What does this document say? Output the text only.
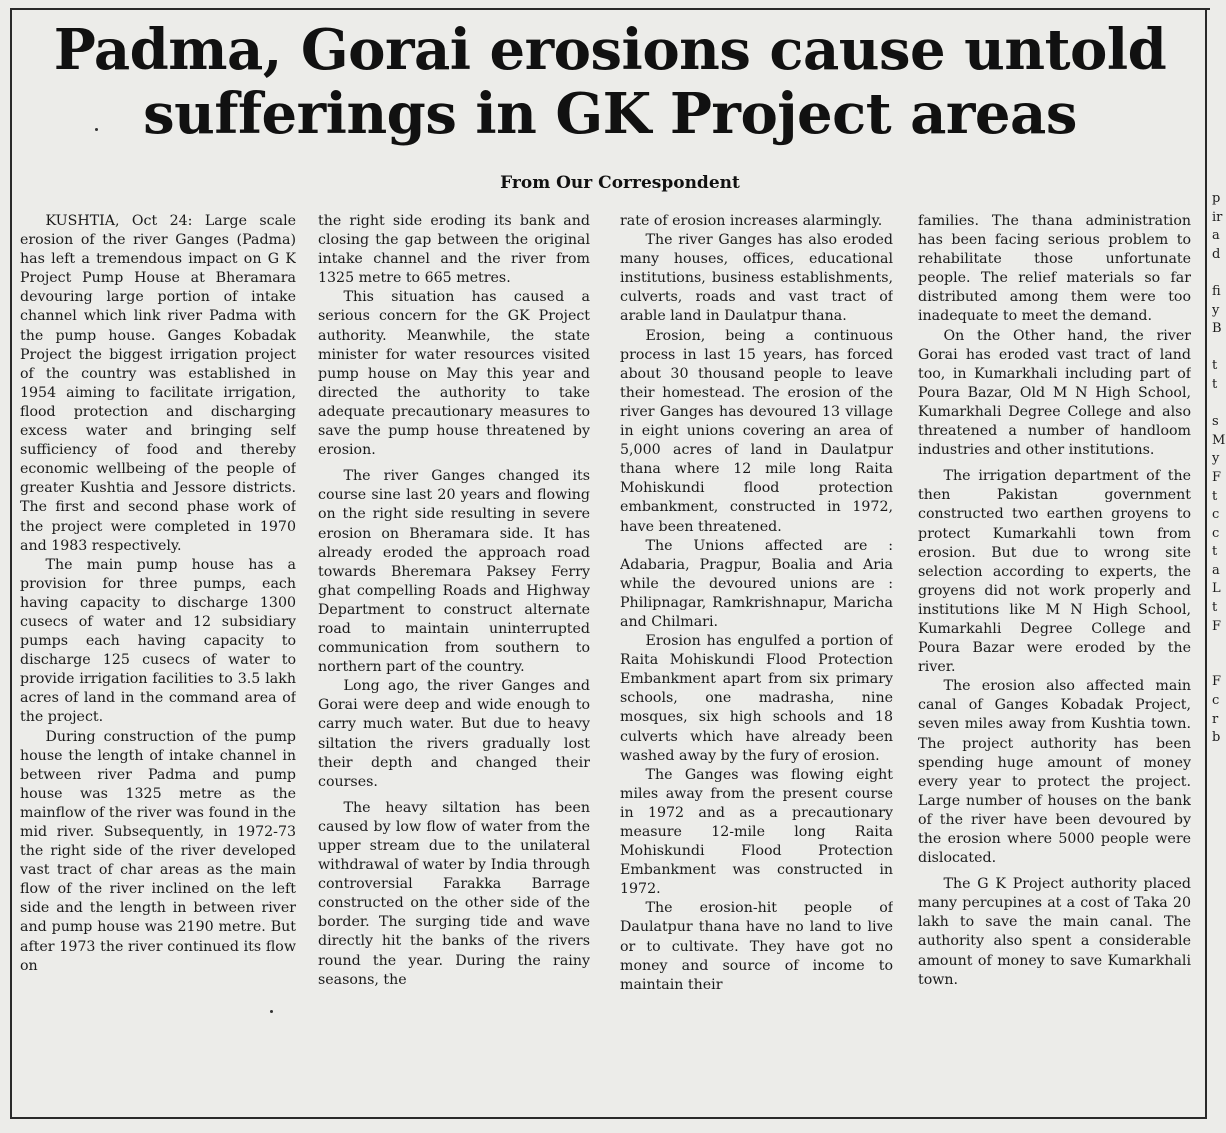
Padma, Gorai erosions cause untold sufferings in GK Project areas
From Our Correspondent

KUSHTIA, Oct 24: Large scale erosion of the river Ganges (Padma) has left a tremendous impact on G K Project Pump House at Bheramara devouring large portion of intake channel which link river Padma with the pump house. Ganges Kobadak Project the biggest irrigation project of the country was established in 1954 aiming to facilitate irrigation, flood protection and discharging excess water and bringing self sufficiency of food and thereby economic wellbeing of the people of greater Kushtia and Jessore districts. The first and second phase work of the project were completed in 1970 and 1983 respectively.

The main pump house has a provision for three pumps, each having capacity to discharge 1300 cusecs of water and 12 subsidiary pumps each having capacity to discharge 125 cusecs of water to provide irrigation facilities to 3.5 lakh acres of land in the command area of the project.

During construction of the pump house the length of intake channel in between river Padma and pump house was 1325 metre as the mainflow of the river was found in the mid river. Subsequently, in 1972-73 the right side of the river developed vast tract of char areas as the main flow of the river inclined on the left side and the length in between river and pump house was 2190 metre. But after 1973 the river continued its flow on

the right side eroding its bank and closing the gap between the original intake channel and the river from 1325 metre to 665 metres.

This situation has caused a serious concern for the GK Project authority. Meanwhile, the state minister for water resources visited pump house on May this year and directed the authority to take adequate precautionary measures to save the pump house threatened by erosion.

The river Ganges changed its course sine last 20 years and flowing on the right side resulting in severe erosion on Bheramara side. It has already eroded the approach road towards Bheremara Paksey Ferry ghat compelling Roads and Highway Department to construct alternate road to maintain uninterrupted communication from southern to northern part of the country.

Long ago, the river Ganges and Gorai were deep and wide enough to carry much water. But due to heavy siltation the rivers gradually lost their depth and changed their courses.

The heavy siltation has been caused by low flow of water from the upper stream due to the unilateral withdrawal of water by India through controversial Farakka Barrage constructed on the other side of the border. The surging tide and wave directly hit the banks of the rivers round the year. During the rainy seasons, the

rate of erosion increases alarmingly.

The river Ganges has also eroded many houses, offices, educational institutions, business establishments, culverts, roads and vast tract of arable land in Daulatpur thana.

Erosion, being a continuous process in last 15 years, has forced about 30 thousand people to leave their homestead. The erosion of the river Ganges has devoured 13 village in eight unions covering an area of 5,000 acres of land in Daulatpur thana where 12 mile long Raita Mohiskundi flood protection embankment, constructed in 1972, have been threatened.

The Unions affected are : Adabaria, Pragpur, Boalia and Aria while the devoured unions are : Philipnagar, Ramkrishnapur, Maricha and Chilmari.

Erosion has engulfed a portion of Raita Mohiskundi Flood Protection Embankment apart from six primary schools, one madrasha, nine mosques, six high schools and 18 culverts which have already been washed away by the fury of erosion.

The Ganges was flowing eight miles away from the present course in 1972 and as a precautionary measure 12-mile long Raita Mohiskundi Flood Protection Embankment was constructed in 1972.

The erosion-hit people of Daulatpur thana have no land to live or to cultivate. They have got no money and source of income to maintain their

families. The thana administration has been facing serious problem to rehabilitate those unfortunate people. The relief materials so far distributed among them were too inadequate to meet the demand.

On the Other hand, the river Gorai has eroded vast tract of land too, in Kumarkhali including part of Poura Bazar, Old M N High School, Kumarkhali Degree College and also threatened a number of handloom industries and other institutions.

The irrigation department of the then Pakistan government constructed two earthen groyens to protect Kumarkahli town from erosion. But due to wrong site selection according to experts, the groyens did not work properly and institutions like M N High School, Kumarkahli Degree College and Poura Bazar were eroded by the river.

The erosion also affected main canal of Ganges Kobadak Project, seven miles away from Kushtia town. The project authority has been spending huge amount of money every year to protect the project. Large number of houses on the bank of the river have been devoured by the erosion where 5000 people were dislocated.

The G K Project authority placed many percupines at a cost of Taka 20 lakh to save the main canal. The authority also spent a considerable amount of money to save Kumarkhali town.

p
ir
a
d
fi
y
B
t
t
s
M
y
F
t
c
c
t
a
L
t
F
F
c
r
b
